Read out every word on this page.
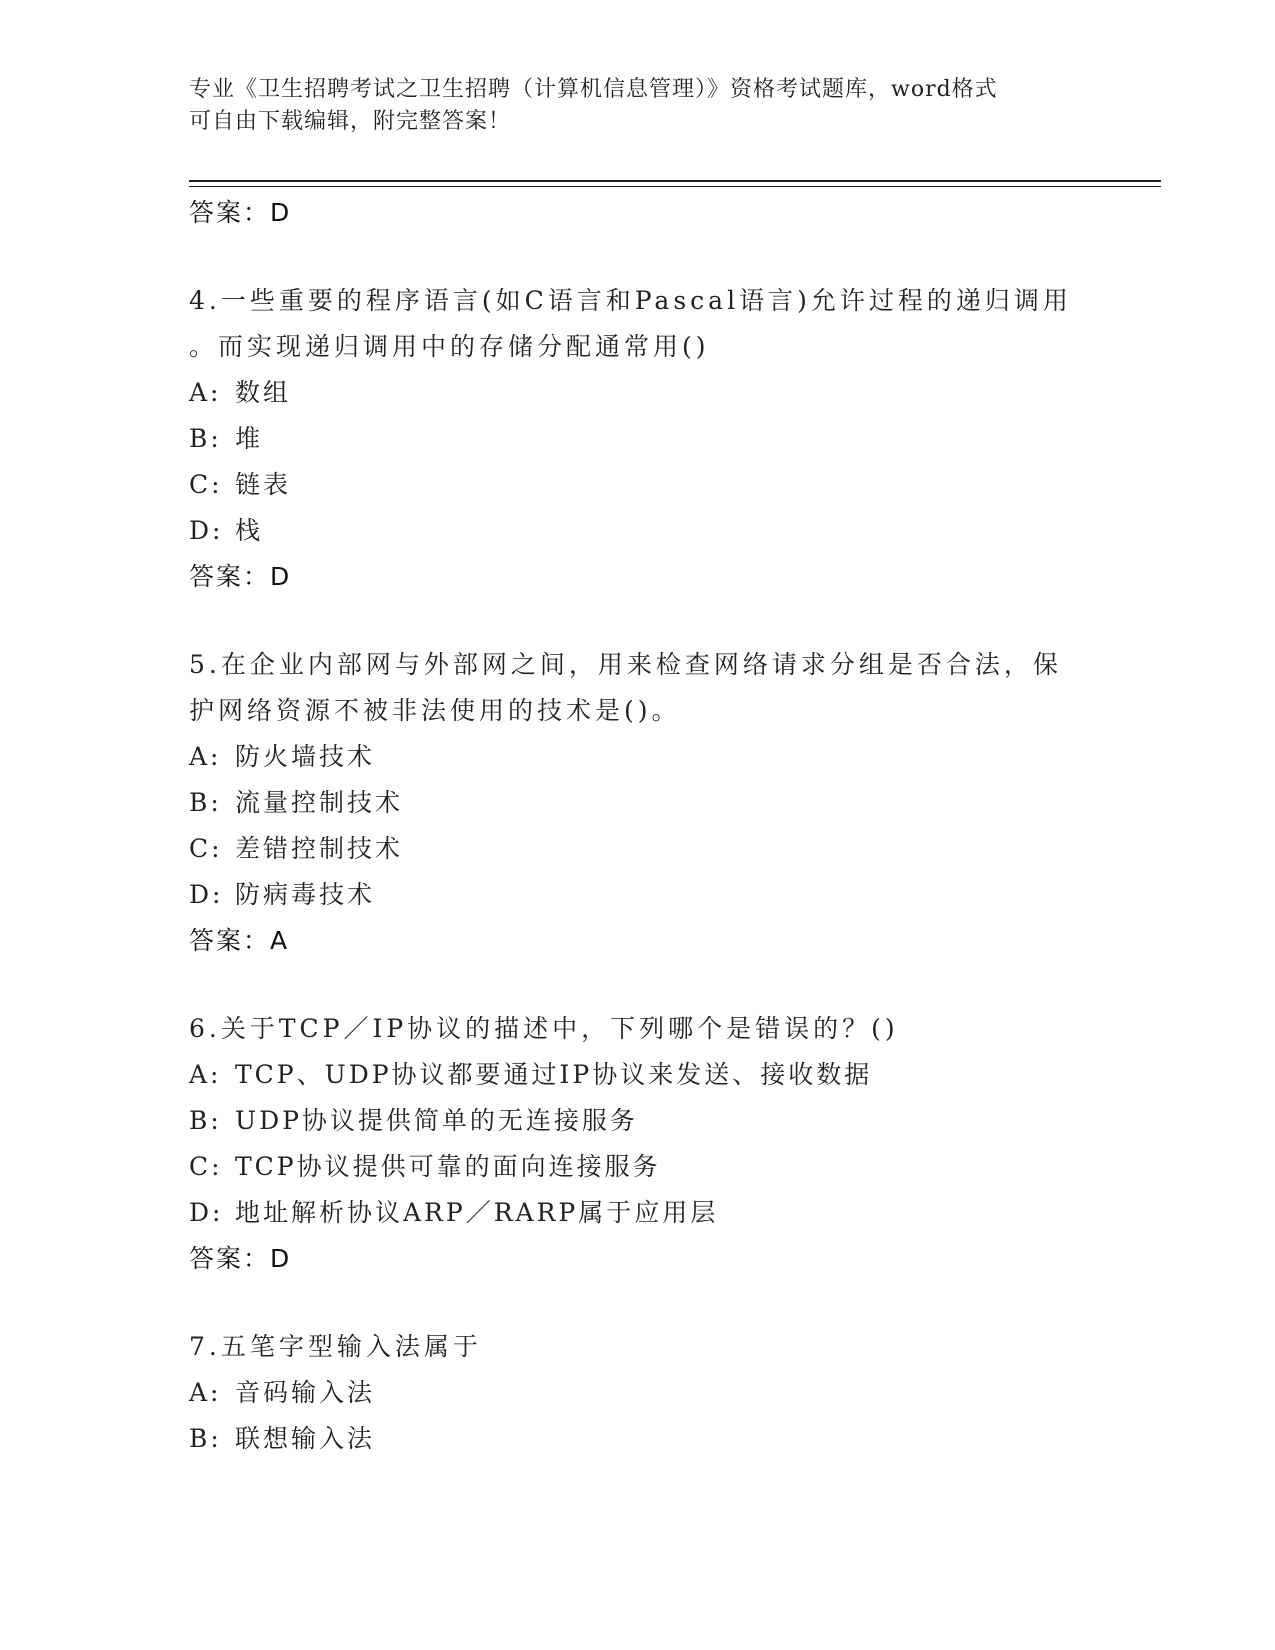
专业《卫生招聘考试之卫生招聘（计算机信息管理）》资格考试题库，word格式
可自由下载编辑，附完整答案！
答案：D
4.一些重要的程序语言(如C语言和Pascal语言)允许过程的递归调用
。而实现递归调用中的存储分配通常用()
A: 数组
B: 堆
C: 链表
D: 栈
答案：D
5.在企业内部网与外部网之间，用来检查网络请求分组是否合法，保
护网络资源不被非法使用的技术是()。
A: 防火墙技术
B: 流量控制技术
C: 差错控制技术
D: 防病毒技术
答案：A
6.关于TCP／IP协议的描述中，下列哪个是错误的？()
A: TCP、UDP协议都要通过IP协议来发送、接收数据
B: UDP协议提供简单的无连接服务
C: TCP协议提供可靠的面向连接服务
D: 地址解析协议ARP／RARP属于应用层
答案：D
7.五笔字型输入法属于
A: 音码输入法
B: 联想输入法
